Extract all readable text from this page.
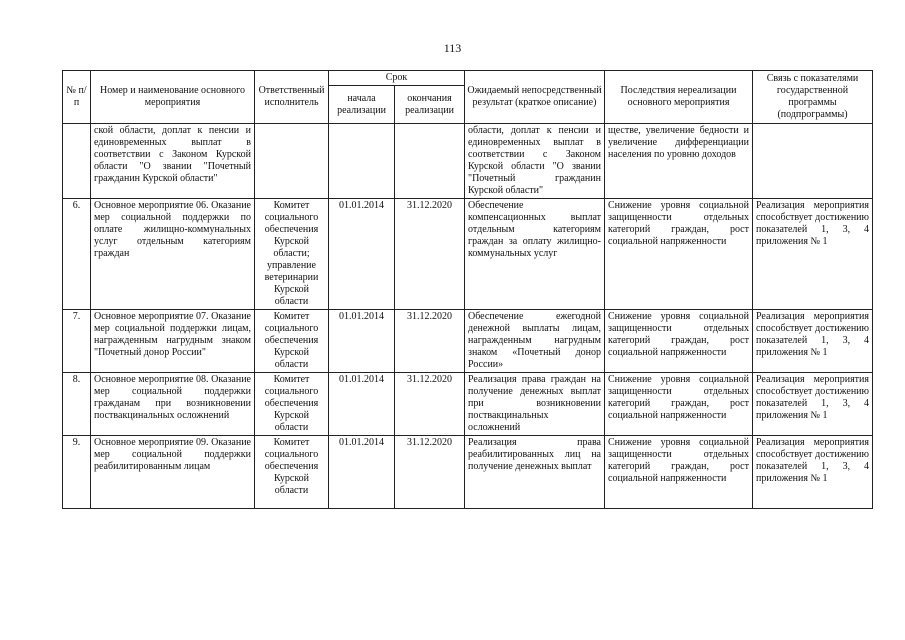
113
№ п/п	Номер и наименование основного мероприятия	Ответственный исполнитель	Срок		Ожидаемый непосредственный результат (краткое описание)	Последствия нереализации основного мероприятия	Связь с показателями государственной программы (подпрограммы)
			начала реализации	окончания реализации			
	ской области, доплат к пенсии и единовременных выплат в соответствии с Законом Курской области "О звании "Почетный гражданин Курской области"				области, доплат к пенсии и единовременных выплат в соответствии с Законом Курской области "О звании "Почетный гражданин Курской области"	ществе, увеличение бедности и увеличение дифференциации населения по уровню доходов	
6.	Основное мероприятие 06. Оказание мер социальной поддержки по оплате жилищно-коммунальных услуг отдельным категориям граждан	Комитет социального обеспечения Курской области; управление ветеринарии Курской области	01.01.2014	31.12.2020	Обеспечение компенсационных выплат отдельным категориям граждан за оплату жилищно-коммунальных услуг	Снижение уровня социальной защищенности отдельных категорий граждан, рост социальной напряженности	Реализация мероприятия способствует достижению показателей 1, 3, 4 приложения № 1
7.	Основное мероприятие 07. Оказание мер социальной поддержки лицам, награжденным нагрудным знаком "Почетный донор России"	Комитет социального обеспечения Курской области	01.01.2014	31.12.2020	Обеспечение ежегодной денежной выплаты лицам, награжденным нагрудным знаком «Почетный донор России»	Снижение уровня социальной защищенности отдельных категорий граждан, рост социальной напряженности	Реализация мероприятия способствует достижению показателей 1, 3, 4 приложения № 1
8.	Основное мероприятие 08. Оказание мер социальной поддержки гражданам при возникновении поствакцинальных осложнений	Комитет социального обеспечения Курской области	01.01.2014	31.12.2020	Реализация права граждан на получение денежных выплат при возникновении поствакцинальных осложнений	Снижение уровня социальной защищенности отдельных категорий граждан, рост социальной напряженности	Реализация мероприятия способствует достижению показателей 1, 3, 4 приложения № 1
9.	Основное мероприятие 09. Оказание мер социальной поддержки реабилитированным лицам	Комитет социального обеспечения Курской области	01.01.2014	31.12.2020	Реализация права реабилитированных лиц на получение денежных выплат	Снижение уровня социальной защищенности отдельных категорий граждан, рост социальной напряженности	Реализация мероприятия способствует достижению показателей 1, 3, 4 приложения № 1
